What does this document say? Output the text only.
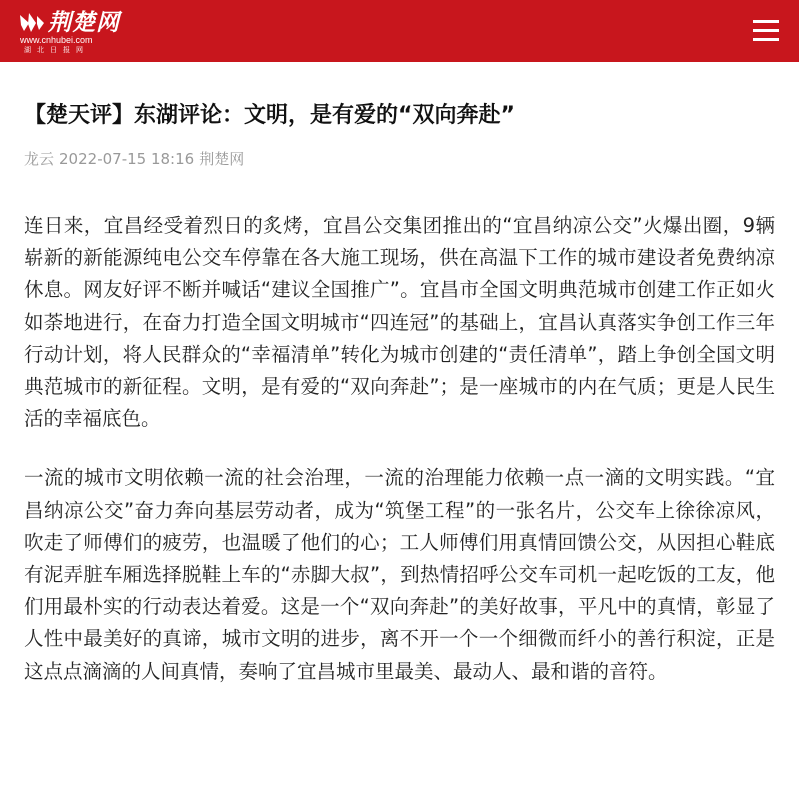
荆楚网
www.cnhubei.com
湖北日报网
【楚天评】东湖评论：文明，是有爱的“双向奔赴”
龙云 2022-07-15 18:16 荆楚网

连日来，宜昌经受着烈日的炙烤，宜昌公交集团推出的“宜昌纳凉公交”火爆出圈，9辆崭新的新能源纯电公交车停靠在各大施工现场，供在高温下工作的城市建设者免费纳凉休息。网友好评不断并喊话“建议全国推广”。宜昌市全国文明典范城市创建工作正如火如荼地进行，在奋力打造全国文明城市“四连冠”的基础上，宜昌认真落实争创工作三年行动计划，将人民群众的“幸福清单”转化为城市创建的“责任清单”，踏上争创全国文明典范城市的新征程。文明，是有爱的“双向奔赴”；是一座城市的内在气质；更是人民生活的幸福底色。

一流的城市文明依赖一流的社会治理，一流的治理能力依赖一点一滴的文明实践。“宜昌纳凉公交”奋力奔向基层劳动者，成为“筑堡工程”的一张名片，公交车上徐徐凉风，吹走了师傅们的疲劳，也温暖了他们的心；工人师傅们用真情回馈公交，从因担心鞋底有泥弄脏车厢选择脱鞋上车的“赤脚大叔”，到热情招呼公交车司机一起吃饭的工友，他们用最朴实的行动表达着爱。这是一个“双向奔赴”的美好故事，平凡中的真情，彰显了人性中最美好的真谛，城市文明的进步，离不开一个一个细微而纤小的善行积淀，正是这点点滴滴的人间真情，奏响了宜昌城市里最美、最动人、最和谐的音符。
